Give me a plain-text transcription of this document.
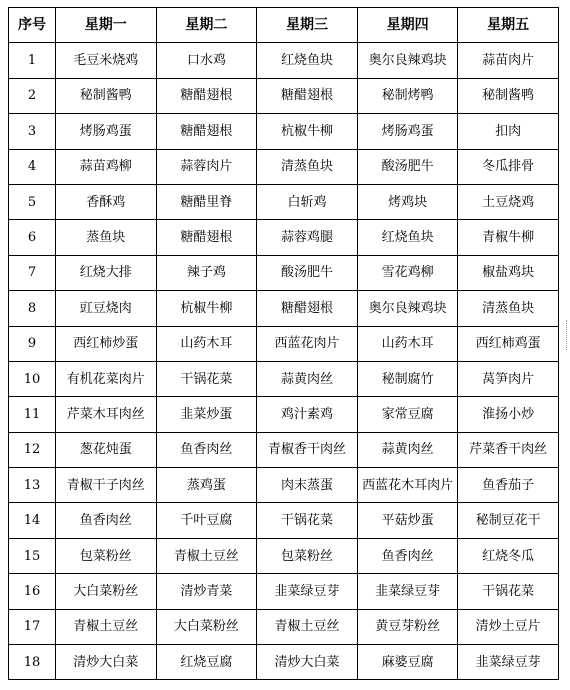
序号	星期一	星期二	星期三	星期四	星期五
1	毛豆米烧鸡	口水鸡	红烧鱼块	奥尔良辣鸡块	蒜苗肉片
2	秘制酱鸭	糖醋翅根	糖醋翅根	秘制烤鸭	秘制酱鸭
3	烤肠鸡蛋	糖醋翅根	杭椒牛柳	烤肠鸡蛋	扣肉
4	蒜苗鸡柳	蒜蓉肉片	清蒸鱼块	酸汤肥牛	冬瓜排骨
5	香酥鸡	糖醋里脊	白斩鸡	烤鸡块	土豆烧鸡
6	蒸鱼块	糖醋翅根	蒜蓉鸡腿	红烧鱼块	青椒牛柳
7	红烧大排	辣子鸡	酸汤肥牛	雪花鸡柳	椒盐鸡块
8	豇豆烧肉	杭椒牛柳	糖醋翅根	奥尔良辣鸡块	清蒸鱼块
9	西红柿炒蛋	山药木耳	西蓝花肉片	山药木耳	西红柿鸡蛋
10	有机花菜肉片	干锅花菜	蒜黄肉丝	秘制腐竹	莴笋肉片
11	芹菜木耳肉丝	韭菜炒蛋	鸡汁素鸡	家常豆腐	淮扬小炒
12	葱花炖蛋	鱼香肉丝	青椒香干肉丝	蒜黄肉丝	芹菜香干肉丝
13	青椒干子肉丝	蒸鸡蛋	肉末蒸蛋	西蓝花木耳肉片	鱼香茄子
14	鱼香肉丝	千叶豆腐	干锅花菜	平菇炒蛋	秘制豆花干
15	包菜粉丝	青椒土豆丝	包菜粉丝	鱼香肉丝	红烧冬瓜
16	大白菜粉丝	清炒青菜	韭菜绿豆芽	韭菜绿豆芽	干锅花菜
17	青椒土豆丝	大白菜粉丝	青椒土豆丝	黄豆芽粉丝	清炒土豆片
18	清炒大白菜	红烧豆腐	清炒大白菜	麻婆豆腐	韭菜绿豆芽
